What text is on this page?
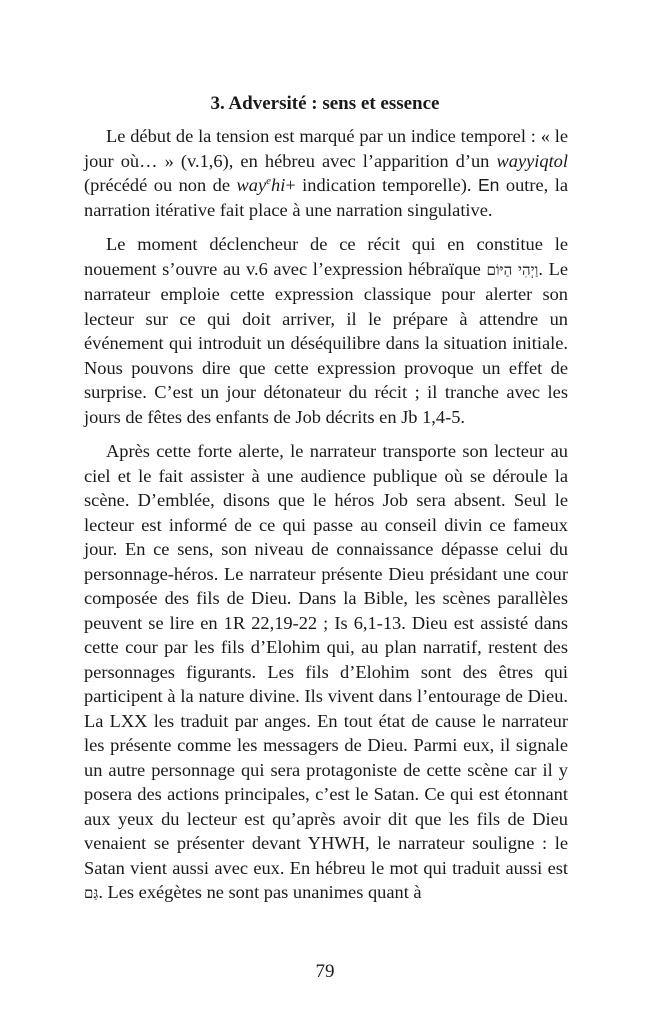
3. Adversité : sens et essence

Le début de la tension est marqué par un indice temporel : « le jour où… » (v.1,6), en hébreu avec l’apparition d’un wayyiqtol (précédé ou non de way$^e$hi+ indication temporelle). En outre, la narration itérative fait place à une narration singulative.

Le moment déclencheur de ce récit qui en constitue le nouement s’ouvre au v.6 avec l’expression hébraïque וַיְהִי הַיּוֹם. Le narrateur emploie cette expression classique pour alerter son lecteur sur ce qui doit arriver, il le prépare à attendre un événement qui introduit un déséquilibre dans la situation initiale. Nous pouvons dire que cette expression provoque un effet de surprise. C’est un jour détonateur du récit ; il tranche avec les jours de fêtes des enfants de Job décrits en Jb 1,4-5.

Après cette forte alerte, le narrateur transporte son lecteur au ciel et le fait assister à une audience publique où se déroule la scène. D’emblée, disons que le héros Job sera absent. Seul le lecteur est informé de ce qui passe au conseil divin ce fameux jour. En ce sens, son niveau de connaissance dépasse celui du personnage-héros. Le narrateur présente Dieu présidant une cour composée des fils de Dieu. Dans la Bible, les scènes parallèles peuvent se lire en 1R 22,19-22 ; Is 6,1-13. Dieu est assisté dans cette cour par les fils d’Elohim qui, au plan narratif, restent des personnages figurants. Les fils d’Elohim sont des êtres qui participent à la nature divine. Ils vivent dans l’entourage de Dieu. La LXX les traduit par anges. En tout état de cause le narrateur les présente comme les messagers de Dieu. Parmi eux, il signale un autre personnage qui sera protagoniste de cette scène car il y posera des actions principales, c’est le Satan. Ce qui est étonnant aux yeux du lecteur est qu’après avoir dit que les fils de Dieu venaient se présenter devant YHWH, le narrateur souligne : le Satan vient aussi avec eux. En hébreu le mot qui traduit aussi est גַּם. Les exégètes ne sont pas unanimes quant à

79
